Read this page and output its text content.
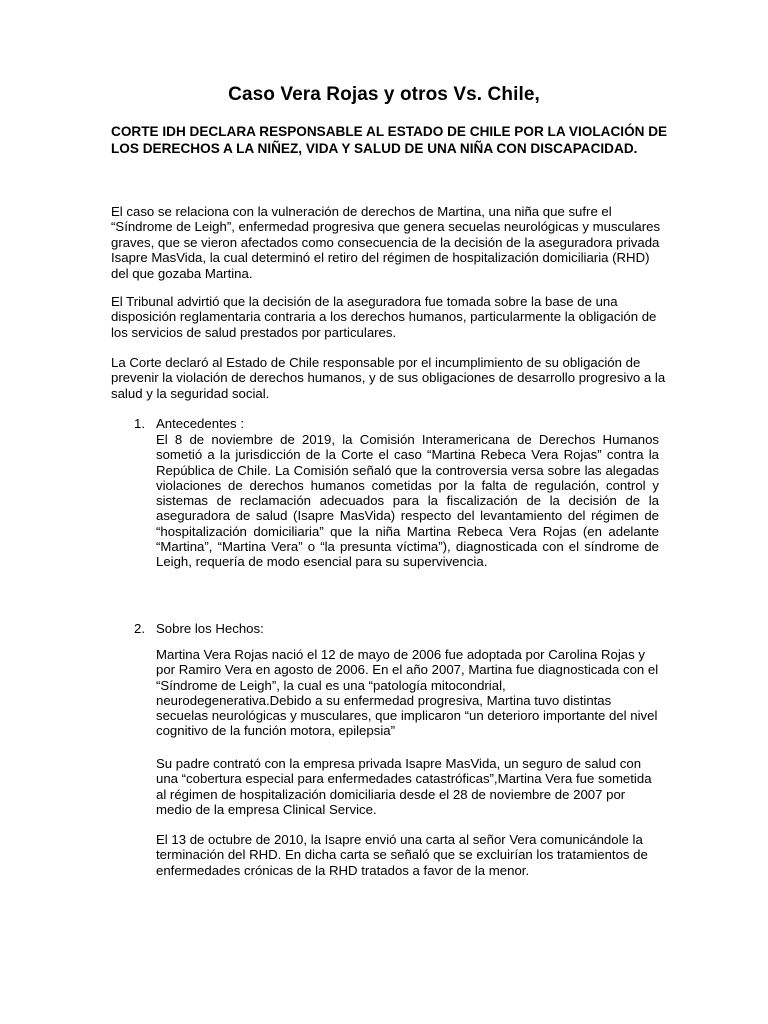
Caso Vera Rojas y otros Vs. Chile,
CORTE IDH DECLARA RESPONSABLE AL ESTADO DE CHILE POR LA VIOLACIÓN DE LOS DERECHOS A LA NIÑEZ, VIDA Y SALUD DE UNA NIÑA CON DISCAPACIDAD.
El caso se relaciona con la vulneración de derechos de Martina, una niña que sufre el “Síndrome de Leigh”, enfermedad progresiva que genera secuelas neurológicas y musculares graves, que se vieron afectados como consecuencia de la decisión de la aseguradora privada Isapre MasVida, la cual determinó el retiro del régimen de hospitalización domiciliaria (RHD) del que gozaba Martina.
El Tribunal advirtió que la decisión de la aseguradora fue tomada sobre la base de una disposición reglamentaria contraria a los derechos humanos, particularmente la obligación de los servicios de salud prestados por particulares.
La Corte declaró al Estado de Chile responsable por el incumplimiento de su obligación de prevenir la violación de derechos humanos, y de sus obligaciones de desarrollo progresivo a la salud y la seguridad social.
1. Antecedentes :
El 8 de noviembre de 2019, la Comisión Interamericana de Derechos Humanos sometió a la jurisdicción de la Corte el caso “Martina Rebeca Vera Rojas” contra la República de Chile. La Comisión señaló que la controversia versa sobre las alegadas violaciones de derechos humanos cometidas por la falta de regulación, control y sistemas de reclamación adecuados para la fiscalización de la decisión de la aseguradora de salud (Isapre MasVida) respecto del levantamiento del régimen de “hospitalización domiciliaria” que la niña Martina Rebeca Vera Rojas (en adelante “Martina”, “Martina Vera” o “la presunta víctima”), diagnosticada con el síndrome de Leigh, requería de modo esencial para su supervivencia.
2. Sobre los Hechos:
Martina Vera Rojas nació el 12 de mayo de 2006 fue adoptada por Carolina Rojas y por Ramiro Vera en agosto de 2006. En el año 2007, Martina fue diagnosticada con el “Síndrome de Leigh”, la cual es una “patología mitocondrial, neurodegenerativa.Debido a su enfermedad progresiva, Martina tuvo distintas secuelas neurológicas y musculares, que implicaron “un deterioro importante del nivel cognitivo de la función motora, epilepsia”
Su padre contrató con la empresa privada Isapre MasVida, un seguro de salud con una “cobertura especial para enfermedades catastróficas”,Martina Vera fue sometida al régimen de hospitalización domiciliaria desde el 28 de noviembre de 2007 por medio de la empresa Clinical Service.
El 13 de octubre de 2010, la Isapre envió una carta al señor Vera comunicándole la terminación del RHD. En dicha carta se señaló que se excluirían los tratamientos de enfermedades crónicas de la RHD tratados a favor de la menor.
